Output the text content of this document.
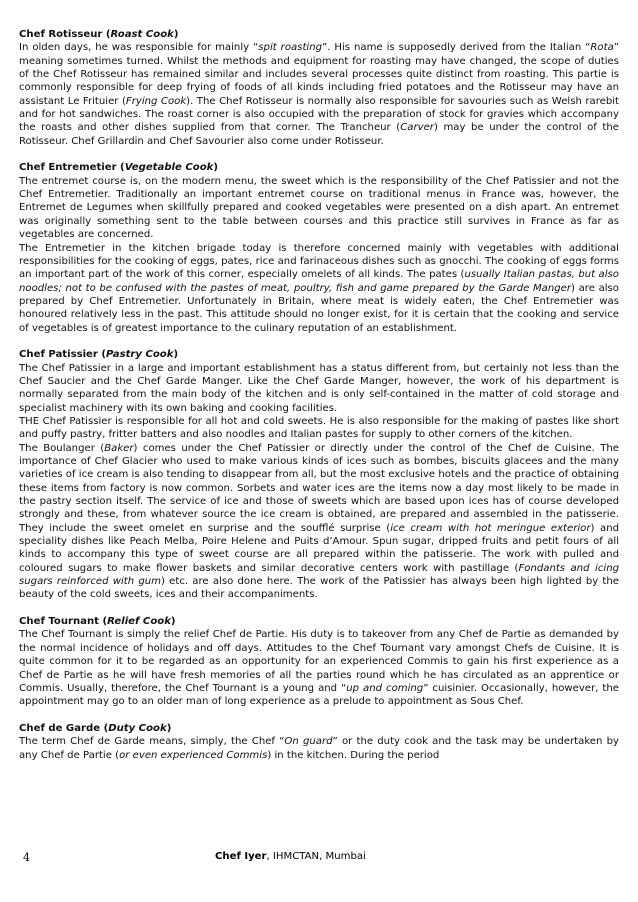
Chef Rotisseur (Roast Cook)

In olden days, he was responsible for mainly “spit roasting”. His name is supposedly derived from the Italian “Rota” meaning sometimes turned. Whilst the methods and equipment for roasting may have changed, the scope of duties of the Chef Rotisseur has remained similar and includes several processes quite distinct from roasting. This partie is commonly responsible for deep frying of foods of all kinds including fried potatoes and the Rotisseur may have an assistant Le Frituier (Frying Cook). The Chef Rotisseur is normally also responsible for savouries such as Welsh rarebit and for hot sandwiches. The roast corner is also occupied with the preparation of stock for gravies which accompany the roasts and other dishes supplied from that corner. The Trancheur (Carver) may be under the control of the Rotisseur. Chef Grillardin and Chef Savourier also come under Rotisseur.

Chef Entremetier (Vegetable Cook)

The entremet course is, on the modern menu, the sweet which is the responsibility of the Chef Patissier and not the Chef Entremetier. Traditionally an important entremet course on traditional menus in France was, however, the Entremet de Legumes when skillfully prepared and cooked vegetables were presented on a dish apart. An entremet was originally something sent to the table between courses and this practice still survives in France as far as vegetables are concerned.

The Entremetier in the kitchen brigade today is therefore concerned mainly with vegetables with additional responsibilities for the cooking of eggs, pates, rice and farinaceous dishes such as gnocchi. The cooking of eggs forms an important part of the work of this corner, especially omelets of all kinds. The pates (usually Italian pastas, but also noodles; not to be confused with the pastes of meat, poultry, fish and game prepared by the Garde Manger) are also prepared by Chef Entremetier. Unfortunately in Britain, where meat is widely eaten, the Chef Entremetier was honoured relatively less in the past. This attitude should no longer exist, for it is certain that the cooking and service of vegetables is of greatest importance to the culinary reputation of an establishment.

Chef Patissier (Pastry Cook)

The Chef Patissier in a large and important establishment has a status different from, but certainly not less than the Chef Saucier and the Chef Garde Manger. Like the Chef Garde Manger, however, the work of his department is normally separated from the main body of the kitchen and is only self-contained in the matter of cold storage and specialist machinery with its own baking and cooking facilities.

THE Chef Patissier is responsible for all hot and cold sweets. He is also responsible for the making of pastes like short and puffy pastry, fritter batters and also noodles and Italian pastes for supply to other corners of the kitchen.

The Boulanger (Baker) comes under the Chef Patissier or directly under the control of the Chef de Cuisine. The importance of Chef Glacier who used to make various kinds of ices such as bombes, biscuits glacees and the many varieties of ice cream is also tending to disappear from all, but the most exclusive hotels and the practice of obtaining these items from factory is now common. Sorbets and water ices are the items now a day most likely to be made in the pastry section itself. The service of ice and those of sweets which are based upon ices has of course developed strongly and these, from whatever source the ice cream is obtained, are prepared and assembled in the patisserie. They include the sweet omelet en surprise and the soufflé surprise (ice cream with hot meringue exterior) and speciality dishes like Peach Melba, Poire Helene and Puits d’Amour. Spun sugar, dripped fruits and petit fours of all kinds to accompany this type of sweet course are all prepared within the patisserie. The work with pulled and coloured sugars to make flower baskets and similar decorative centers work with pastillage (Fondants and icing sugars reinforced with gum) etc. are also done here. The work of the Patissier has always been high lighted by the beauty of the cold sweets, ices and their accompaniments.

Chef Tournant (Relief Cook)

The Chef Tournant is simply the relief Chef de Partie. His duty is to takeover from any Chef de Partie as demanded by the normal incidence of holidays and off days. Attitudes to the Chef Tournant vary amongst Chefs de Cuisine. It is quite common for it to be regarded as an opportunity for an experienced Commis to gain his first experience as a Chef de Partie as he will have fresh memories of all the parties round which he has circulated as an apprentice or Commis. Usually, therefore, the Chef Tournant is a young and “up and coming” cuisinier. Occasionally, however, the appointment may go to an older man of long experience as a prelude to appointment as Sous Chef.

Chef de Garde (Duty Cook)

The term Chef de Garde means, simply, the Chef “On guard” or the duty cook and the task may be undertaken by any Chef de Partie (or even experienced Commis) in the kitchen. During the period

4	Chef Iyer, IHMCTAN, Mumbai
